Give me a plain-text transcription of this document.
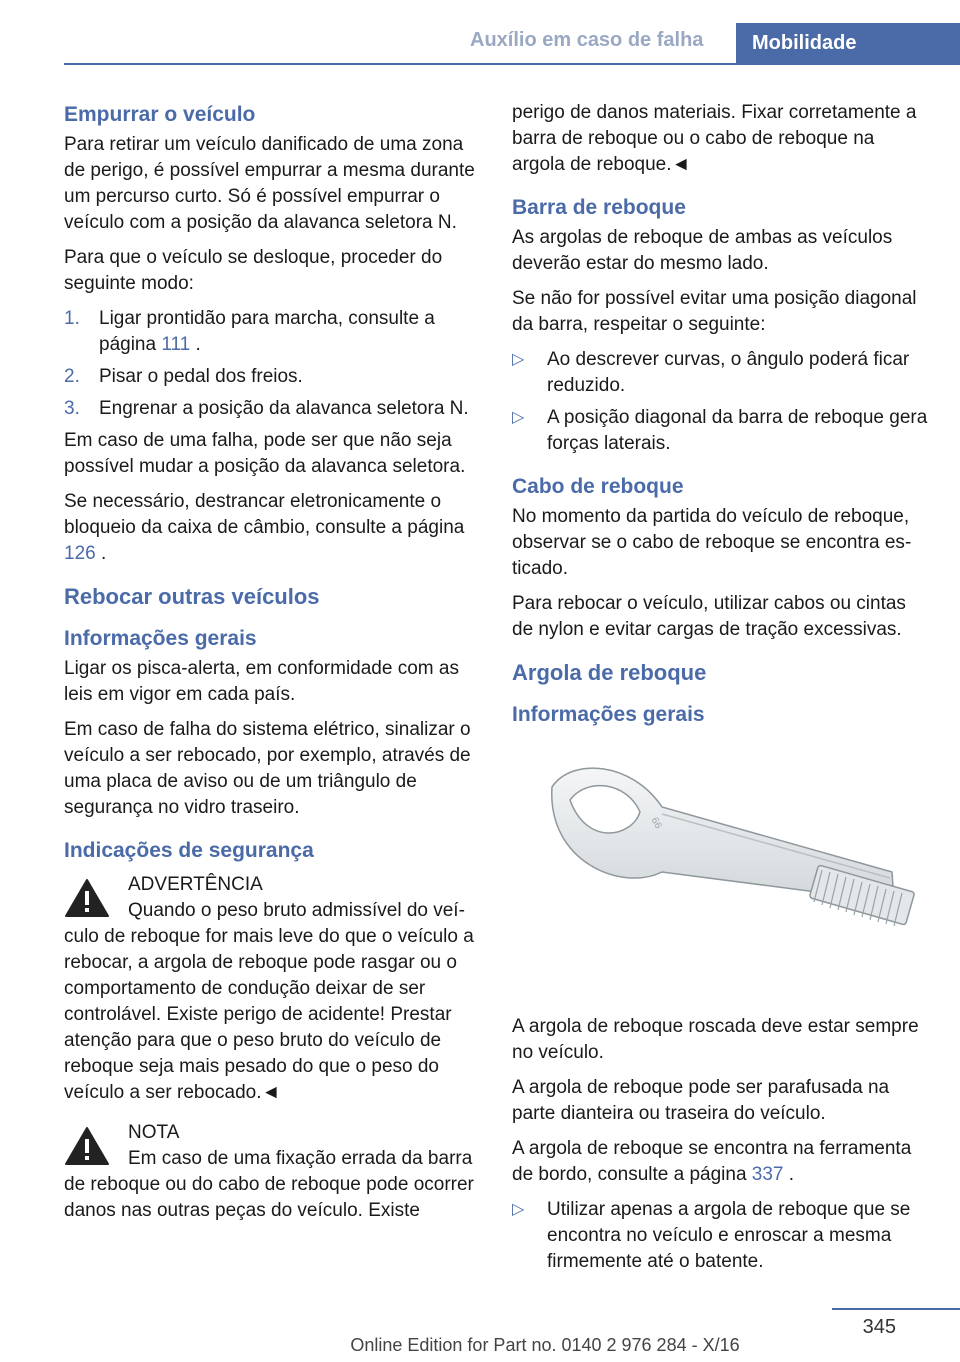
Auxílio em caso de falha	Mobilidade
Empurrar o veículo

Para retirar um veículo danificado de uma zona de perigo, é possível empurrar a mesma durante um percurso curto. Só é possível empurrar o veículo com a posição da alavanca seletora N.

Para que o veículo se desloque, proceder do seguinte modo:

1. Ligar prontidão para marcha, consulte a página 111 .
2. Pisar o pedal dos freios.
3. Engrenar a posição da alavanca seletora N.

Em caso de uma falha, pode ser que não seja possível mudar a posição da alavanca seletora.

Se necessário, destrancar eletronicamente o bloqueio da caixa de câmbio, consulte a página 126 .

Rebocar outras veículos
Informações gerais

Ligar os pisca-alerta, em conformidade com as leis em vigor em cada país.

Em caso de falha do sistema elétrico, sinalizar o veículo a ser rebocado, por exemplo, através de uma placa de aviso ou de um triângulo de segurança no vidro traseiro.

Indicações de segurança
ADVERTÊNCIA
Quando o peso bruto admissível do veículo de reboque for mais leve do que o veículo a rebocar, a argola de reboque pode rasgar ou o comportamento de condução deixar de ser controlável. Existe perigo de acidente! Prestar atenção para que o peso bruto do veículo de reboque seja mais pesado do que o peso do veículo a ser rebocado.◄
NOTA
Em caso de uma fixação errada da barra de reboque ou do cabo de reboque pode ocorrer danos nas outras peças do veículo. Existe

perigo de danos materiais. Fixar corretamente a barra de reboque ou o cabo de reboque na argola de reboque.◄

Barra de reboque

As argolas de reboque de ambas as veículos deverão estar do mesmo lado.

Se não for possível evitar uma posição diagonal da barra, respeitar o seguinte:

▷ Ao descrever curvas, o ângulo poderá ficar reduzido.
▷ A posição diagonal da barra de reboque gera forças laterais.
Cabo de reboque

No momento da partida do veículo de reboque, observar se o cabo de reboque se encontra esticado.

Para rebocar o veículo, utilizar cabos ou cintas de nylon e evitar cargas de tração excessivas.

Argola de reboque
Informações gerais
66

A argola de reboque roscada deve estar sempre no veículo.

A argola de reboque pode ser parafusada na parte dianteira ou traseira do veículo.

A argola de reboque se encontra na ferramenta de bordo, consulte a página 337 .

▷ Utilizar apenas a argola de reboque que se encontra no veículo e enroscar a mesma firmemente até o batente.
345
Online Edition for Part no. 0140 2 976 284 - X/16
